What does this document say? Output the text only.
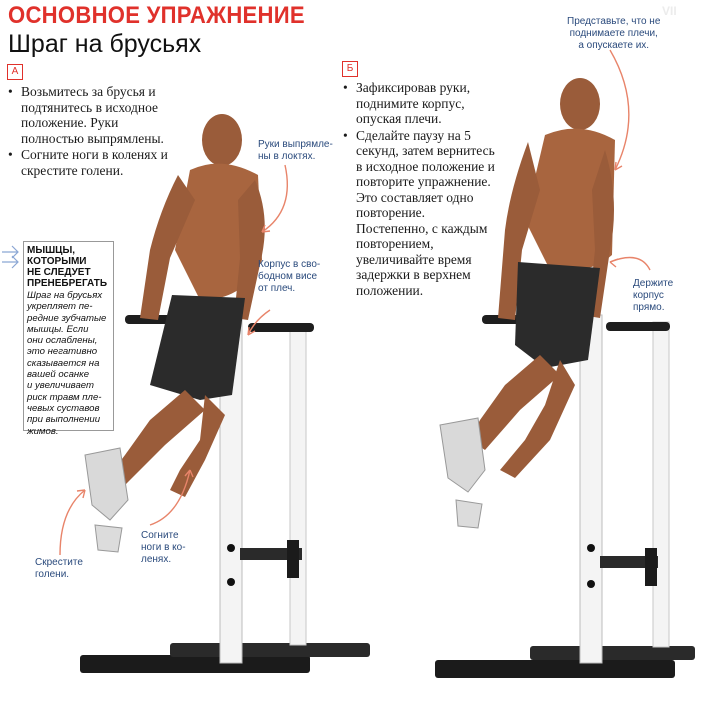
VII
ОСНОВНОЕ УПРАЖНЕНИЕ
Шраг на брусьях
А
• Возьмитесь за брусья и подтянитесь в исходное положение. Руки полностью выпрямлены.
• Согните ноги в коленях и скрестите голени.
Руки выпрямле-
ны в локтях.
Корпус в сво-
бодном висе
от плеч.
Скрестите
голени.
Согните
ноги в ко-
ленях.
МЫШЦЫ,
КОТОРЫМИ
НЕ СЛЕДУЕТ
ПРЕНЕБРЕГАТЬ
Шраг на брусьях
укрепляет пе-
редние зубчатые
мышцы. Если
они ослаблены,
это негативно
сказывается на
вашей осанке
и увеличивает
риск травм пле-
чевых суставов
при выполнении
жимов.
Б
• Зафиксировав руки, поднимите корпус, опуская плечи.
• Сделайте паузу на 5 секунд, затем вернитесь в исходное положение и повторите упражнение. Это составляет одно повторение. Постепенно, с каждым повторением, увеличивайте время задержки в верхнем положении.
Представьте, что не
поднимаете плечи,
а опускаете их.
Держите
корпус
прямо.
